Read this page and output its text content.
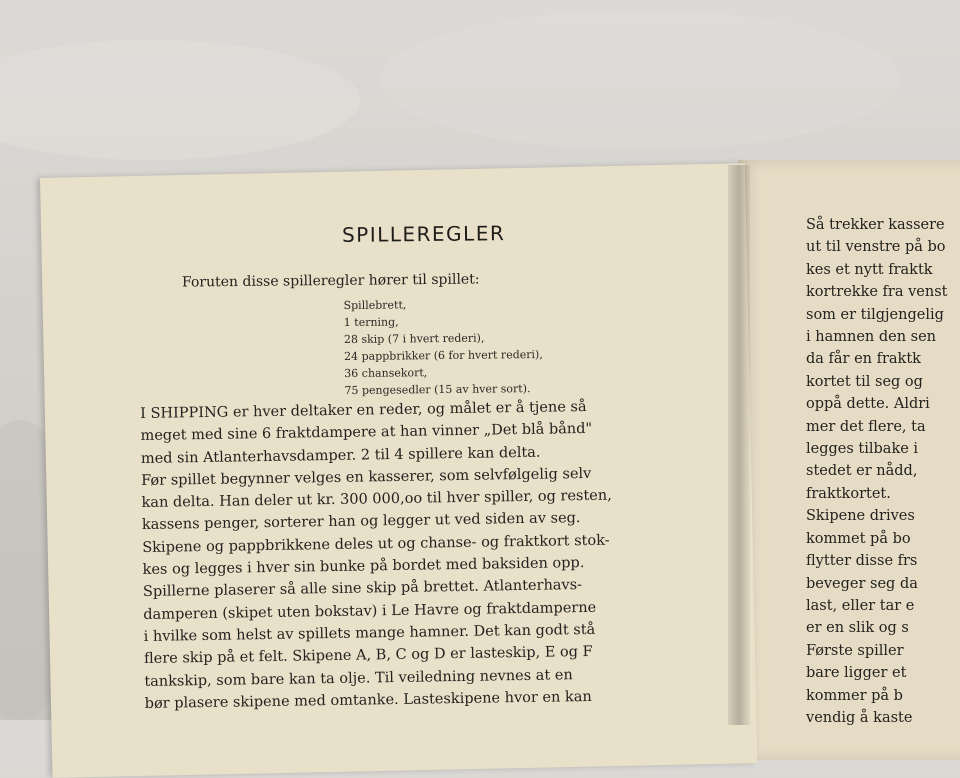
SPILLEREGLER
Foruten disse spilleregler hører til spillet:
Spillebrett,
1 terning,
28 skip (7 i hvert rederi),
24 pappbrikker (6 for hvert rederi),
36 chansekort,
75 pengesedler (15 av hver sort).
I SHIPPING er hver deltaker en reder, og målet er å tjene så
meget med sine 6 fraktdampere at han vinner „Det blå bånd"
med sin Atlanterhavsdamper. 2 til 4 spillere kan delta.
Før spillet begynner velges en kasserer, som selvfølgelig selv
kan delta. Han deler ut kr. 300 000,oo til hver spiller, og resten,
kassens penger, sorterer han og legger ut ved siden av seg.
Skipene og pappbrikkene deles ut og chanse- og fraktkort stok-
kes og legges i hver sin bunke på bordet med baksiden opp.
Spillerne plaserer så alle sine skip på brettet. Atlanterhavs-
damperen (skipet uten bokstav) i Le Havre og fraktdamperne
i hvilke som helst av spillets mange hamner. Det kan godt stå
flere skip på et felt. Skipene A, B, C og D er lasteskip, E og F
tankskip, som bare kan ta olje. Til veiledning nevnes at en
bør plasere skipene med omtanke. Lasteskipene hvor en kan
Så trekker kassere
ut til venstre på bo
kes et nytt fraktk
kortrekke fra venst
som er tilgjengelig
i hamnen den sen
da får en fraktk
kortet til seg og
oppå dette. Aldri
mer det flere, ta
legges tilbake i
stedet er nådd,
fraktkortet.
Skipene drives
kommet på bo
flytter disse frs
beveger seg da
last, eller tar e
er en slik og s
Første spiller
bare ligger et
kommer på b
vendig å kaste
